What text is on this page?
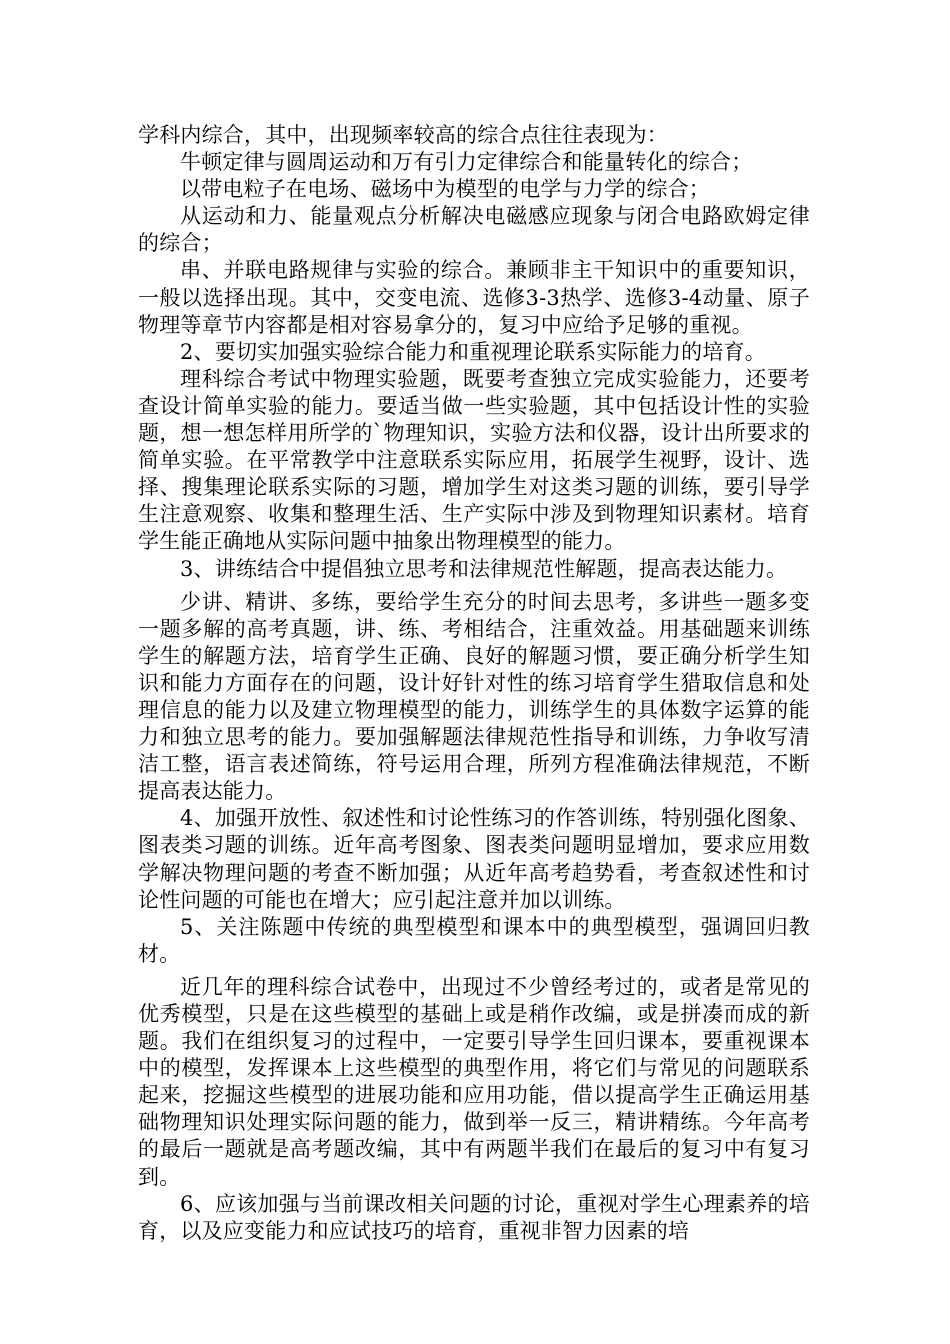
学科内综合，其中，出现频率较高的综合点往往表现为：

牛顿定律与圆周运动和万有引力定律综合和能量转化的综合；

以带电粒子在电场、磁场中为模型的电学与力学的综合；

从运动和力、能量观点分析解决电磁感应现象与闭合电路欧姆定律的综合；

串、并联电路规律与实验的综合。兼顾非主干知识中的重要知识，一般以选择出现。其中，交变电流、选修3-3热学、选修3-4动量、原子物理等章节内容都是相对容易拿分的，复习中应给予足够的重视。

2、要切实加强实验综合能力和重视理论联系实际能力的培育。

理科综合考试中物理实验题，既要考查独立完成实验能力，还要考查设计简单实验的能力。要适当做一些实验题，其中包括设计性的实验题，想一想怎样用所学的`物理知识，实验方法和仪器，设计出所要求的简单实验。在平常教学中注意联系实际应用，拓展学生视野，设计、选择、搜集理论联系实际的习题，增加学生对这类习题的训练，要引导学生注意观察、收集和整理生活、生产实际中涉及到物理知识素材。培育学生能正确地从实际问题中抽象出物理模型的能力。

3、讲练结合中提倡独立思考和法律规范性解题，提高表达能力。

少讲、精讲、多练，要给学生充分的时间去思考，多讲些一题多变一题多解的高考真题，讲、练、考相结合，注重效益。用基础题来训练学生的解题方法，培育学生正确、良好的解题习惯，要正确分析学生知识和能力方面存在的问题，设计好针对性的练习培育学生猎取信息和处理信息的能力以及建立物理模型的能力，训练学生的具体数字运算的能力和独立思考的能力。要加强解题法律规范性指导和训练，力争收写清洁工整，语言表述简练，符号运用合理，所列方程准确法律规范，不断提高表达能力。

4、加强开放性、叙述性和讨论性练习的作答训练，特别强化图象、图表类习题的训练。近年高考图象、图表类问题明显增加，要求应用数学解决物理问题的考查不断加强；从近年高考趋势看，考查叙述性和讨论性问题的可能也在增大；应引起注意并加以训练。

5、关注陈题中传统的典型模型和课本中的典型模型，强调回归教材。

近几年的理科综合试卷中，出现过不少曾经考过的，或者是常见的优秀模型，只是在这些模型的基础上或是稍作改编，或是拼凑而成的新题。我们在组织复习的过程中，一定要引导学生回归课本，要重视课本中的模型，发挥课本上这些模型的典型作用，将它们与常见的问题联系起来，挖掘这些模型的进展功能和应用功能，借以提高学生正确运用基础物理知识处理实际问题的能力，做到举一反三，精讲精练。今年高考的最后一题就是高考题改编，其中有两题半我们在最后的复习中有复习到。

6、应该加强与当前课改相关问题的讨论，重视对学生心理素养的培育，以及应变能力和应试技巧的培育，重视非智力因素的培
